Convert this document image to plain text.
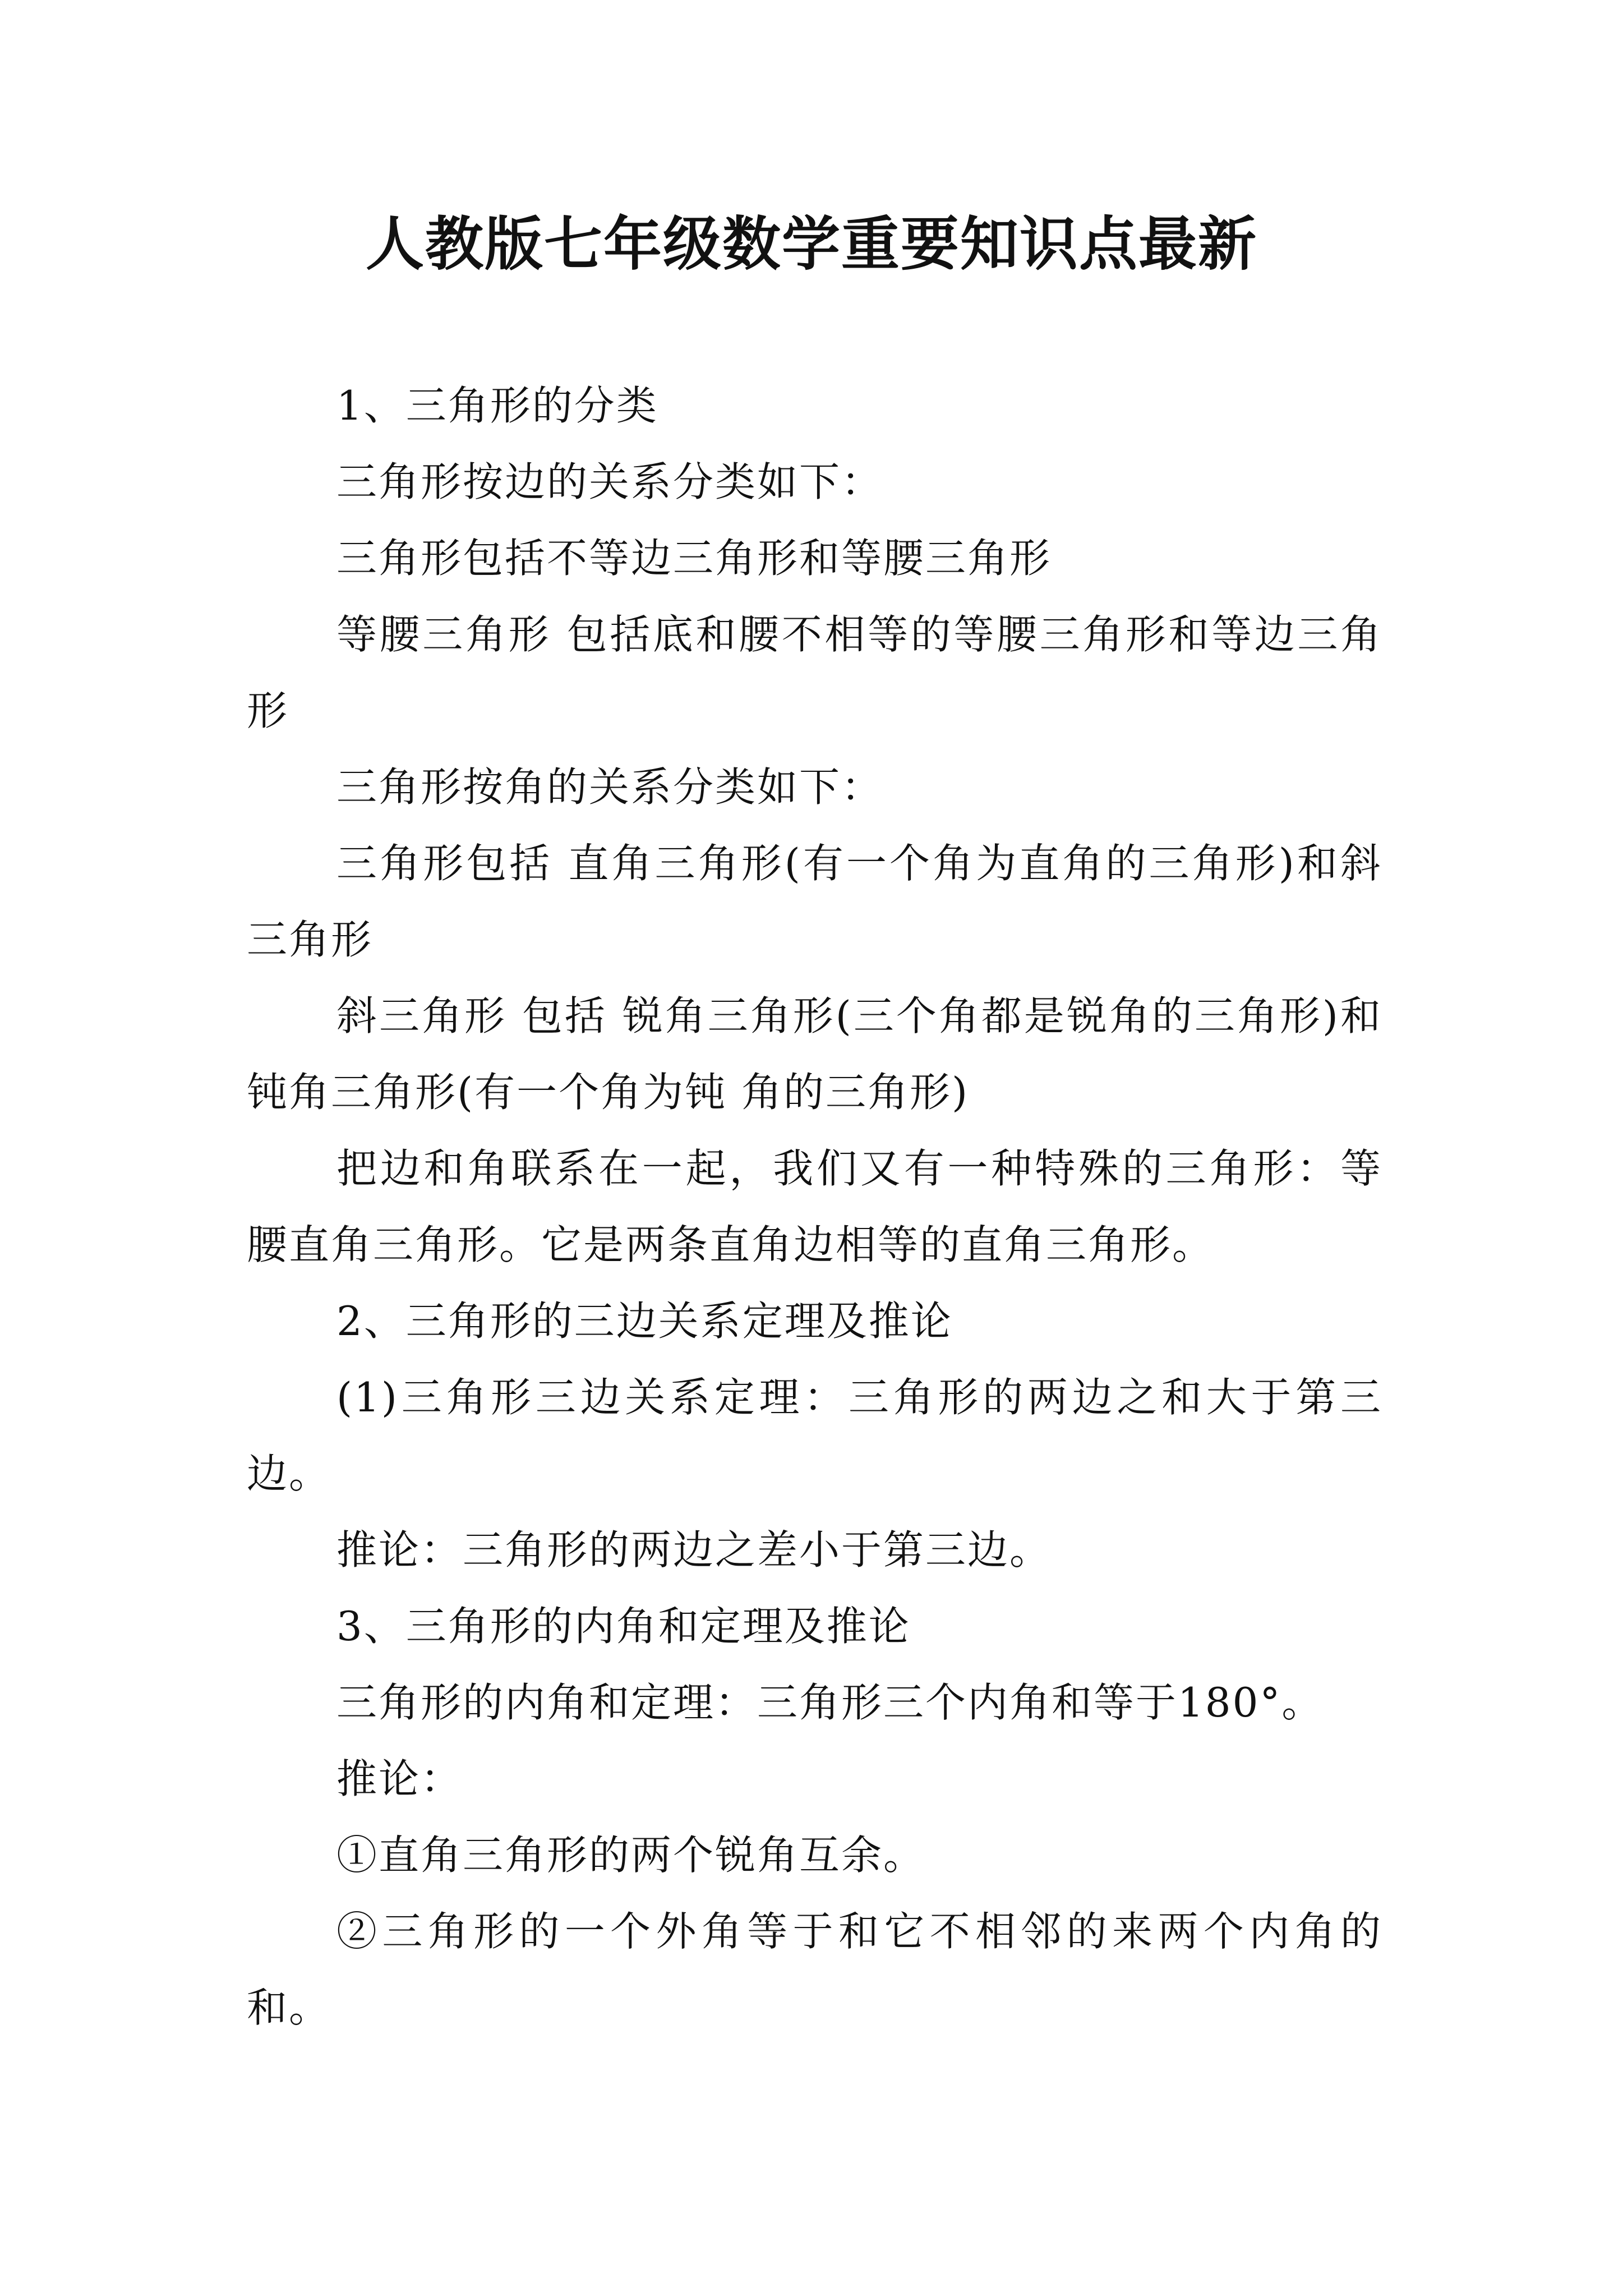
人教版七年级数学重要知识点最新

1、三角形的分类

三角形按边的关系分类如下：

三角形包括不等边三角形和等腰三角形

等腰三角形 包括底和腰不相等的等腰三角形和等边三角形

三角形按角的关系分类如下：

三角形包括 直角三角形(有一个角为直角的三角形)和斜三角形

斜三角形 包括 锐角三角形(三个角都是锐角的三角形)和 钝角三角形(有一个角为钝 角的三角形)

把边和角联系在一起，我们又有一种特殊的三角形：等腰直角三角形。它是两条直角边相等的直角三角形。

2、三角形的三边关系定理及推论

(1)三角形三边关系定理：三角形的两边之和大于第三边。

推论：三角形的两边之差小于第三边。

3、三角形的内角和定理及推论

三角形的内角和定理：三角形三个内角和等于180°。

推论：

①直角三角形的两个锐角互余。

②三角形的一个外角等于和它不相邻的来两个内角的和。
